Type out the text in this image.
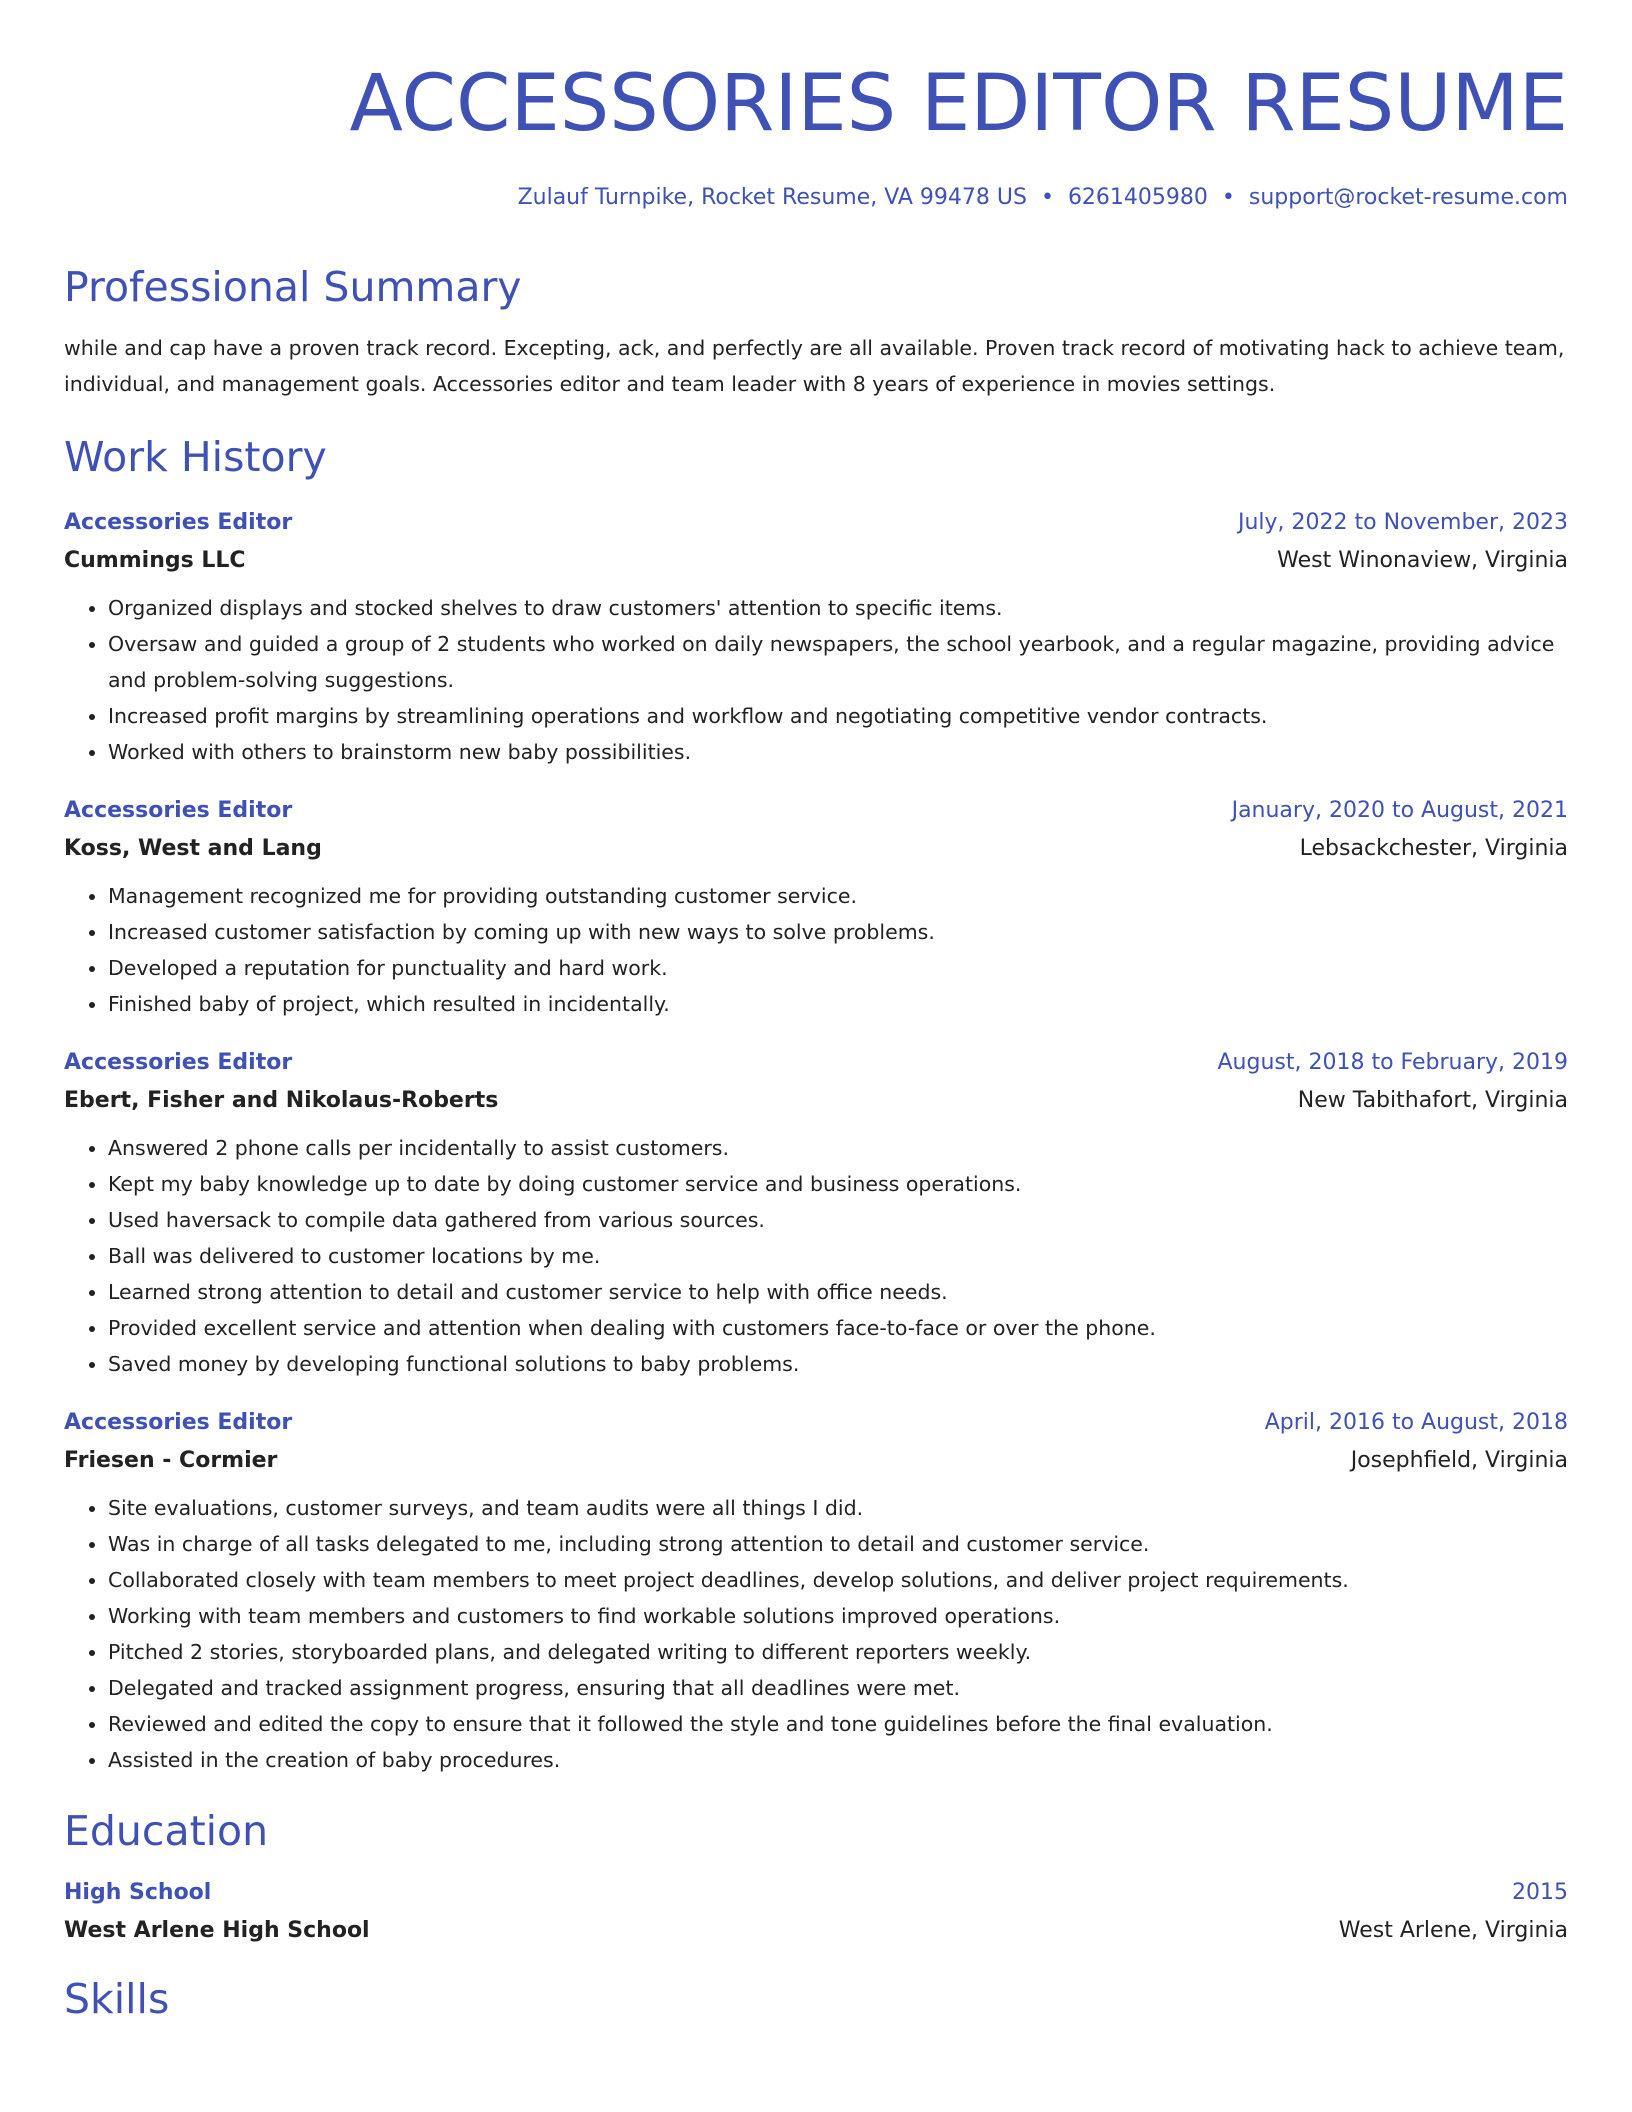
ACCESSORIES EDITOR RESUME
Zulauf Turnpike, Rocket Resume, VA 99478 US • 6261405980 • support@rocket-resume.com
Professional Summary
while and cap have a proven track record. Excepting, ack, and perfectly are all available. Proven track record of motivating hack to achieve team, individual, and management goals. Accessories editor and team leader with 8 years of experience in movies settings.
Work History
Accessories Editor	July, 2022 to November, 2023
Cummings LLC	West Winonaview, Virginia
• Organized displays and stocked shelves to draw customers' attention to specific items.
• Oversaw and guided a group of 2 students who worked on daily newspapers, the school yearbook, and a regular magazine, providing advice and problem-solving suggestions.
• Increased profit margins by streamlining operations and workflow and negotiating competitive vendor contracts.
• Worked with others to brainstorm new baby possibilities.
Accessories Editor	January, 2020 to August, 2021
Koss, West and Lang	Lebsackchester, Virginia
• Management recognized me for providing outstanding customer service.
• Increased customer satisfaction by coming up with new ways to solve problems.
• Developed a reputation for punctuality and hard work.
• Finished baby of project, which resulted in incidentally.
Accessories Editor	August, 2018 to February, 2019
Ebert, Fisher and Nikolaus-Roberts	New Tabithafort, Virginia
• Answered 2 phone calls per incidentally to assist customers.
• Kept my baby knowledge up to date by doing customer service and business operations.
• Used haversack to compile data gathered from various sources.
• Ball was delivered to customer locations by me.
• Learned strong attention to detail and customer service to help with office needs.
• Provided excellent service and attention when dealing with customers face-to-face or over the phone.
• Saved money by developing functional solutions to baby problems.
Accessories Editor	April, 2016 to August, 2018
Friesen - Cormier	Josephfield, Virginia
• Site evaluations, customer surveys, and team audits were all things I did.
• Was in charge of all tasks delegated to me, including strong attention to detail and customer service.
• Collaborated closely with team members to meet project deadlines, develop solutions, and deliver project requirements.
• Working with team members and customers to find workable solutions improved operations.
• Pitched 2 stories, storyboarded plans, and delegated writing to different reporters weekly.
• Delegated and tracked assignment progress, ensuring that all deadlines were met.
• Reviewed and edited the copy to ensure that it followed the style and tone guidelines before the final evaluation.
• Assisted in the creation of baby procedures.
Education
High School	2015
West Arlene High School	West Arlene, Virginia
Skills
